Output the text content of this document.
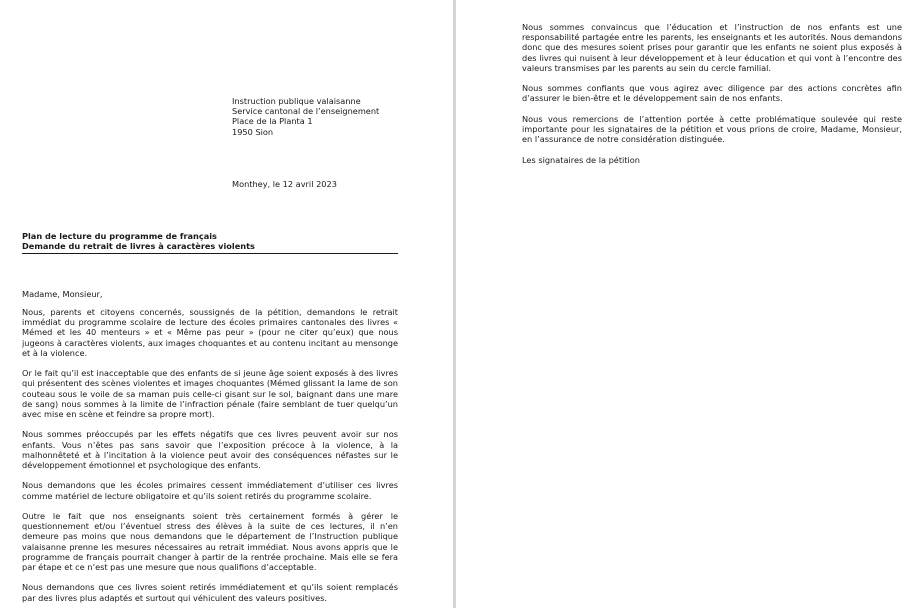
Instruction publique valaisanne
Service cantonal de l’enseignement
Place de la Planta 1
1950 Sion
Monthey, le 12 avril 2023
Plan de lecture du programme de français
Demande du retrait de livres à caractères violents
Madame, Monsieur,

Nous, parents et citoyens concernés, soussignés de la pétition, demandons le retrait immédiat du programme scolaire de lecture des écoles primaires cantonales des livres « Mémed et les 40 menteurs » et « Même pas peur » (pour ne citer qu’eux) que nous jugeons à caractères violents, aux images choquantes et au contenu incitant au mensonge et à la violence.

Or le fait qu’il est inacceptable que des enfants de si jeune âge soient exposés à des livres qui présentent des scènes violentes et images choquantes (Mémed glissant la lame de son couteau sous le voile de sa maman puis celle-ci gisant sur le sol, baignant dans une mare de sang) nous sommes à la limite de l’infraction pénale (faire semblant de tuer quelqu’un avec mise en scène et feindre sa propre mort).

Nous sommes préoccupés par les effets négatifs que ces livres peuvent avoir sur nos enfants. Vous n’êtes pas sans savoir que l’exposition précoce à la violence, à la malhonnêteté et à l’incitation à la violence peut avoir des conséquences néfastes sur le développement émotionnel et psychologique des enfants.

Nous demandons que les écoles primaires cessent immédiatement d’utiliser ces livres comme matériel de lecture obligatoire et qu’ils soient retirés du programme scolaire.

Outre le fait que nos enseignants soient très certainement formés à gérer le questionnement et/ou l’éventuel stress des élèves à la suite de ces lectures, il n’en demeure pas moins que nous demandons que le département de l’Instruction publique valaisanne prenne les mesures nécessaires au retrait immédiat. Nous avons appris que le programme de français pourrait changer à partir de la rentrée prochaine. Mais elle se fera par étape et ce n’est pas une mesure que nous qualifions d’acceptable.

Nous demandons que ces livres soient retirés immédiatement et qu’ils soient remplacés par des livres plus adaptés et surtout qui véhiculent des valeurs positives.

Nous sommes convaincus que l’éducation et l’instruction de nos enfants est une responsabilité partagée entre les parents, les enseignants et les autorités. Nous demandons donc que des mesures soient prises pour garantir que les enfants ne soient plus exposés à des livres qui nuisent à leur développement et à leur éducation et qui vont à l’encontre des valeurs transmises par les parents au sein du cercle familial.

Nous sommes confiants que vous agirez avec diligence par des actions concrètes afin d’assurer le bien-être et le développement sain de nos enfants.

Nous vous remercions de l’attention portée à cette problématique soulevée qui reste importante pour les signataires de la pétition et vous prions de croire, Madame, Monsieur, en l’assurance de notre considération distinguée.

Les signataires de la pétition
